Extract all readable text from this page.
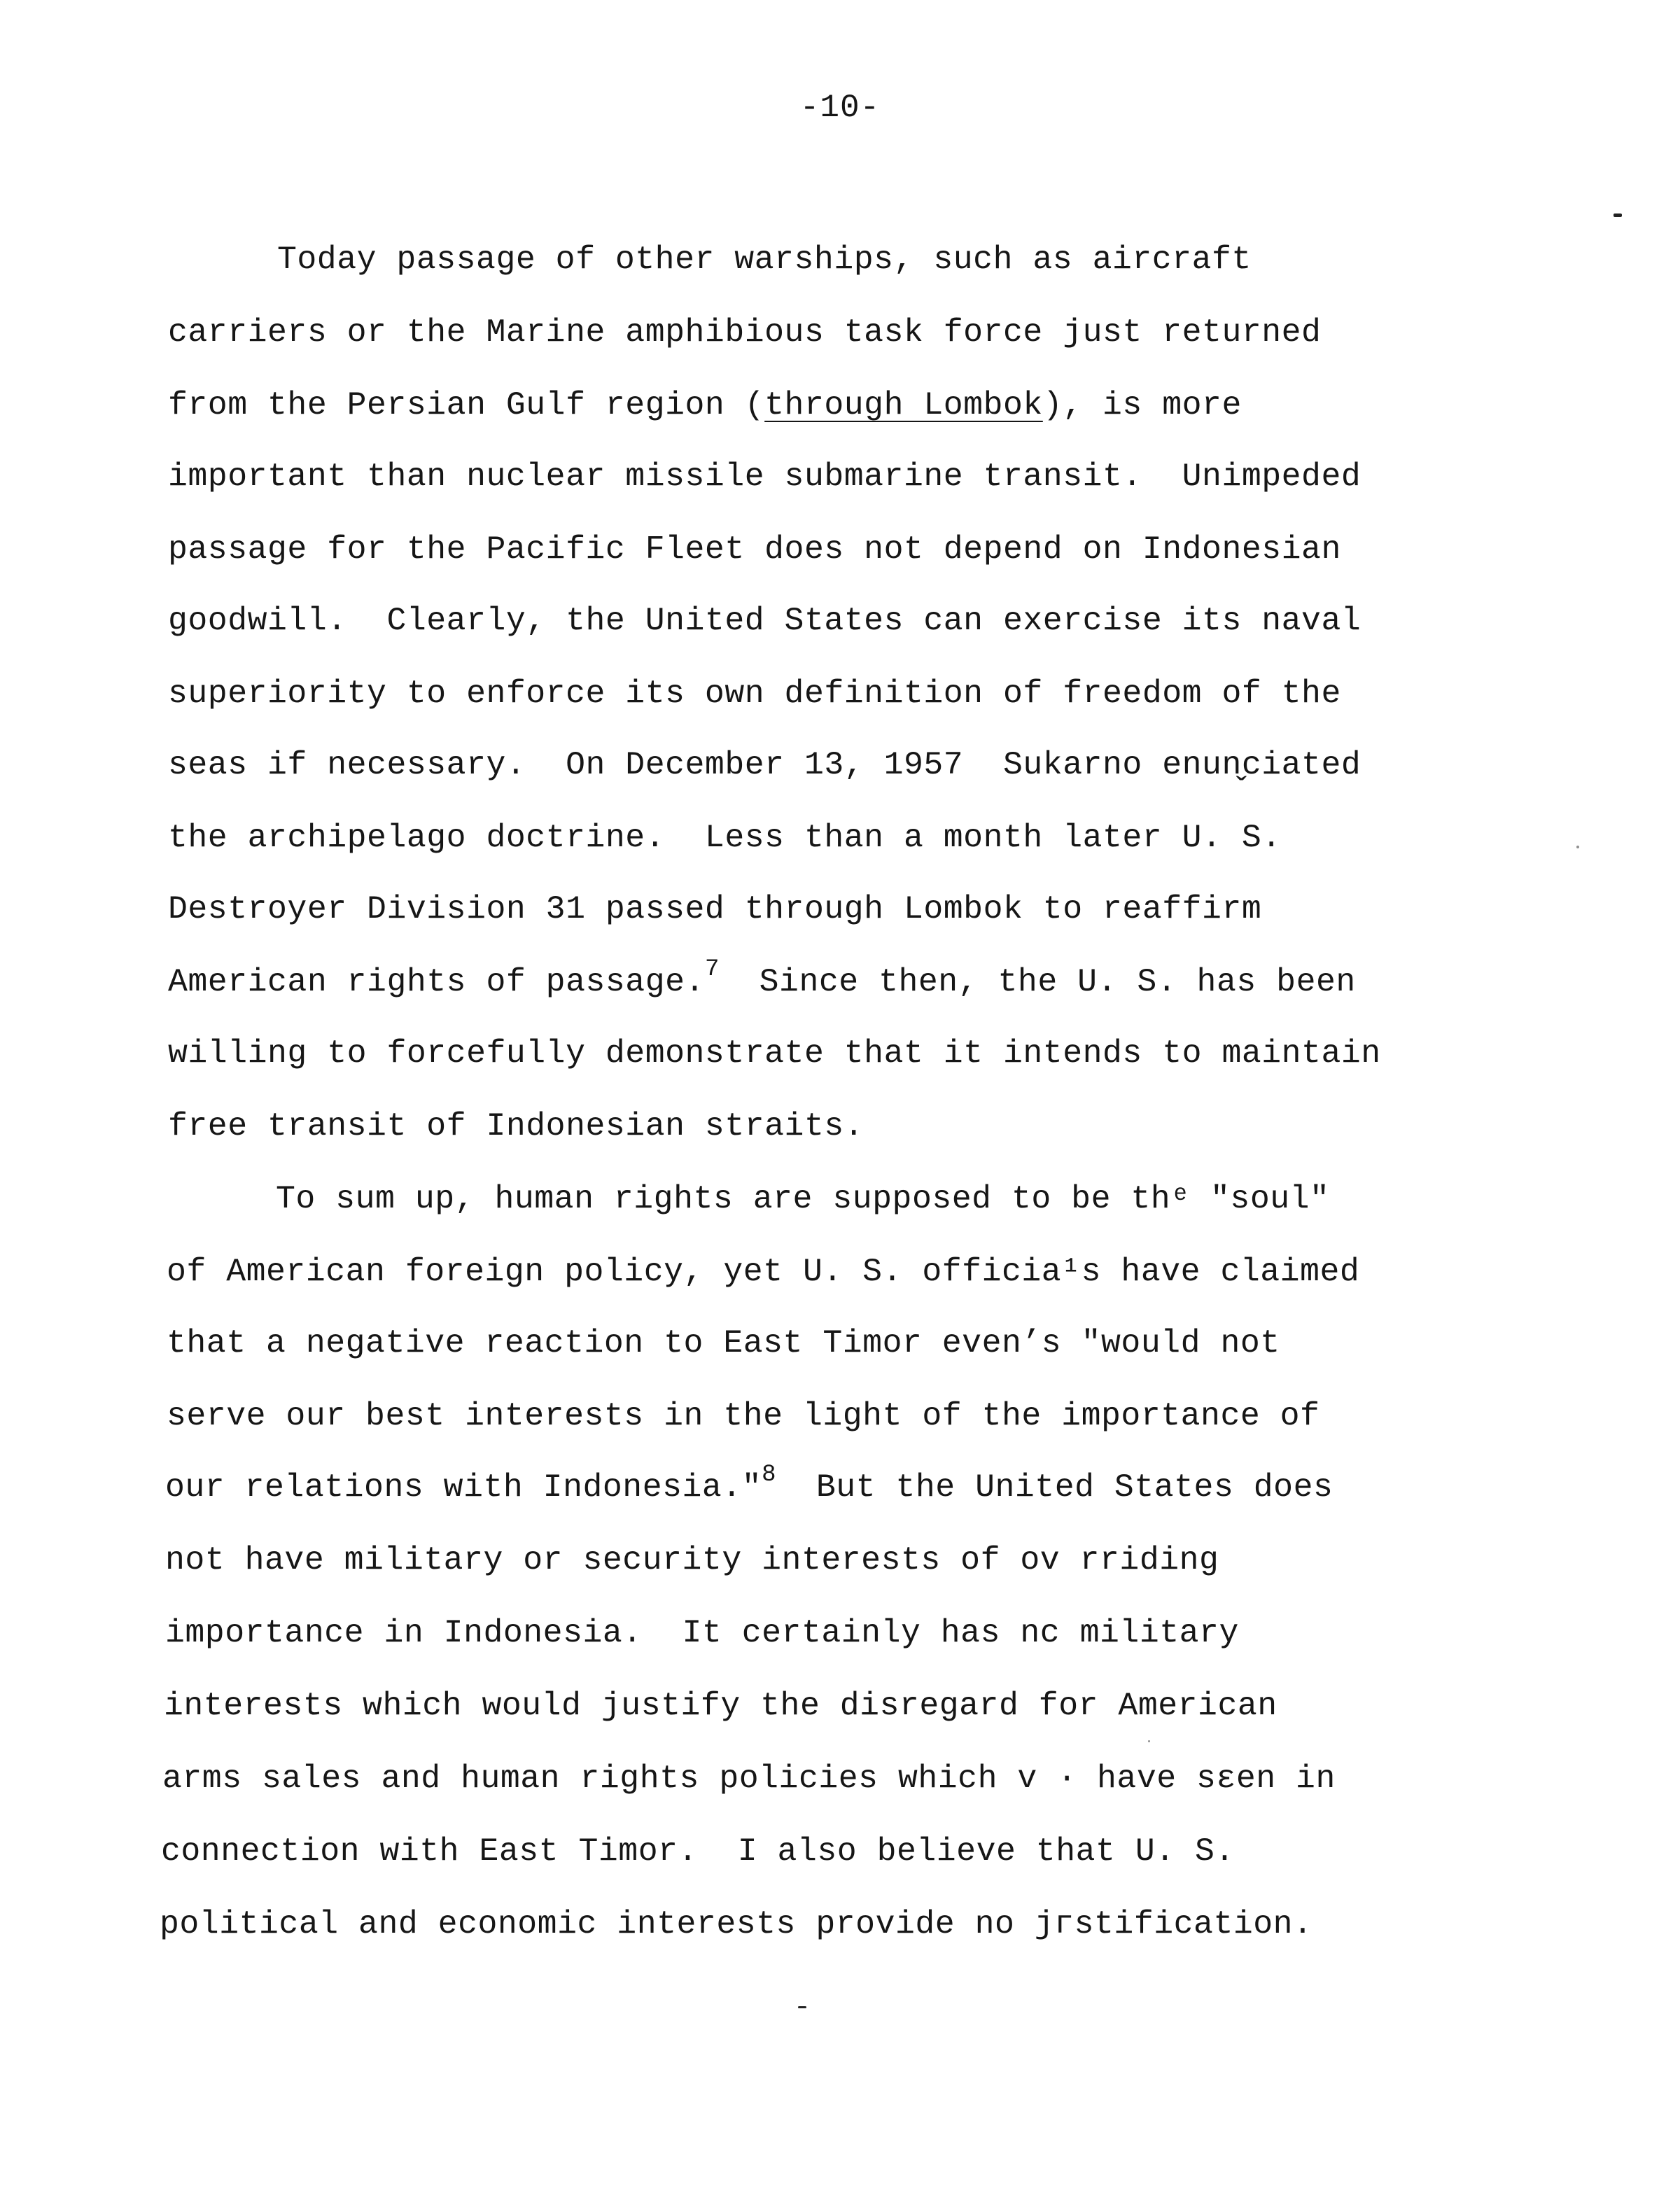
-10-
Today passage of other warships, such as aircraft
carriers or the Marine amphibious task force just returned
from the Persian Gulf region (through Lombok), is more
important than nuclear missile submarine transit.  Unimpeded
passage for the Pacific Fleet does not depend on Indonesian
goodwill.  Clearly, the United States can exercise its naval
superiority to enforce its own definition of freedom of the
seas if necessary.  On December 13, 1957  Sukarno enun̬ciated
the archipelago doctrine.  Less than a month later U. S.
Destroyer Division 31 passed through Lombok to reaffirm
American rights of passage.$^7$  Since then, the U. S. has been
willing to forcefully demonstrate that it intends to maintain
free transit of Indonesian straits.
To sum up, human rights are supposed to be thᵉ "soul"
of American foreign policy, yet U. S. officia¹s have claimed
that a negative reaction to East Timor even’ѕ "would not
serve our best interests in the light of the importance of
our relations with Indonesia."$^8$  But the United States does
not have military or security interests of ov rriding
importance in Indonesia.  It certainly has nc military
interests which would justify the disregard for American
arms sales and human rights policies which v · have sεen in
connection with East Timor.  I also believe that U. S.
political and economic interests provide no jгstification.
